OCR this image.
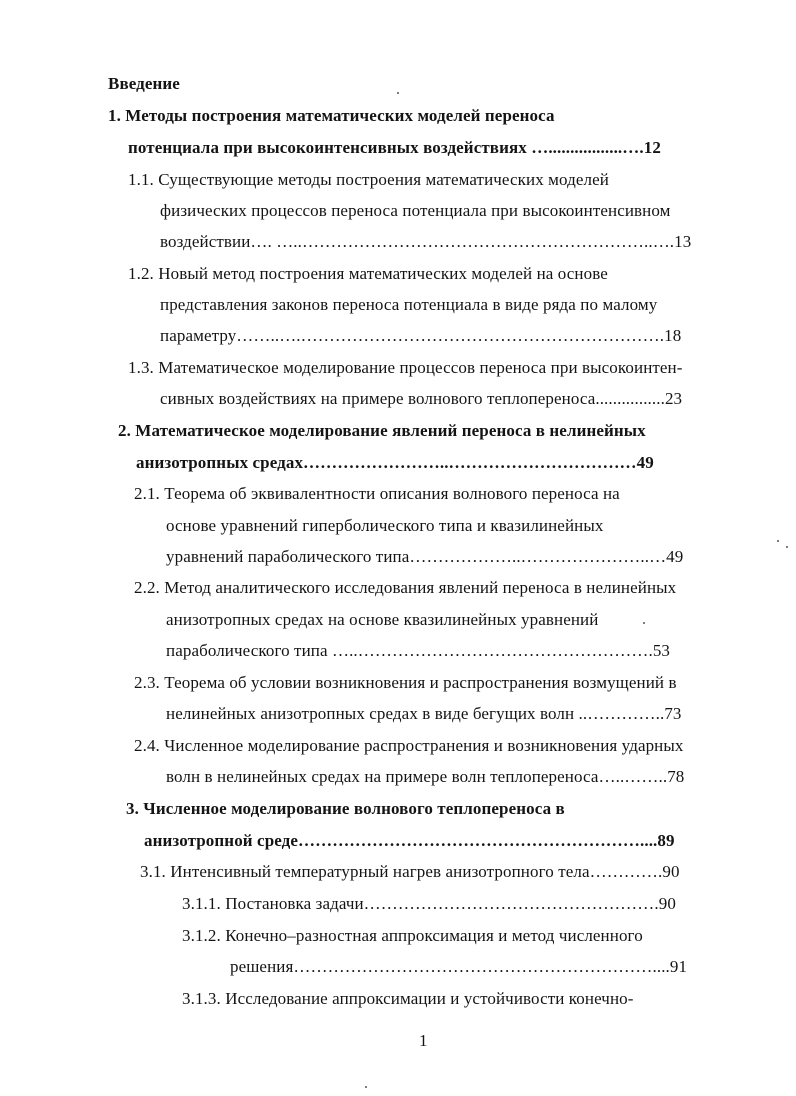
Введение
1. Методы построения математических моделей переноса
потенциала при высокоинтенсивных воздействиях ….................….12
1.1. Существующие методы построения математических моделей
физических процессов переноса потенциала при высокоинтенсивном
воздействии…. …..……………………………………………………..….13
1.2. Новый метод построения математических моделей на основе
представления законов переноса потенциала в виде ряда по малому
параметру……..….……………………………………………………….18
1.3. Математическое моделирование процессов переноса при высокоинтен-
сивных воздействиях на примере волнового теплопереноса................23
2. Математическое моделирование явлений переноса в нелинейных
анизотропных средах……………………..……………………………49
2.1. Теорема об эквивалентности описания волнового переноса на
основе уравнений гиперболического типа и квазилинейных
уравнений параболического типа………………..…………………..…49
2.2. Метод аналитического исследования явлений переноса в нелинейных
анизотропных средах на основе квазилинейных уравнений
параболического типа …..…………………………………………….53
2.3. Теорема об условии возникновения и распространения возмущений в
нелинейных анизотропных средах в виде бегущих волн ..…………..73
2.4. Численное моделирование распространения и возникновения ударных
волн в нелинейных средах на примере волн теплопереноса…..……..78
3. Численное моделирование волнового теплопереноса в
анизотропной среде……………………………………………………....89
3.1. Интенсивный температурный нагрев анизотропного тела………….90
3.1.1. Постановка задачи…………………………………………….90
3.1.2. Конечно–разностная аппроксимация и метод численного
решения………………………………………………………....91
3.1.3. Исследование аппроксимации и устойчивости конечно-
1
